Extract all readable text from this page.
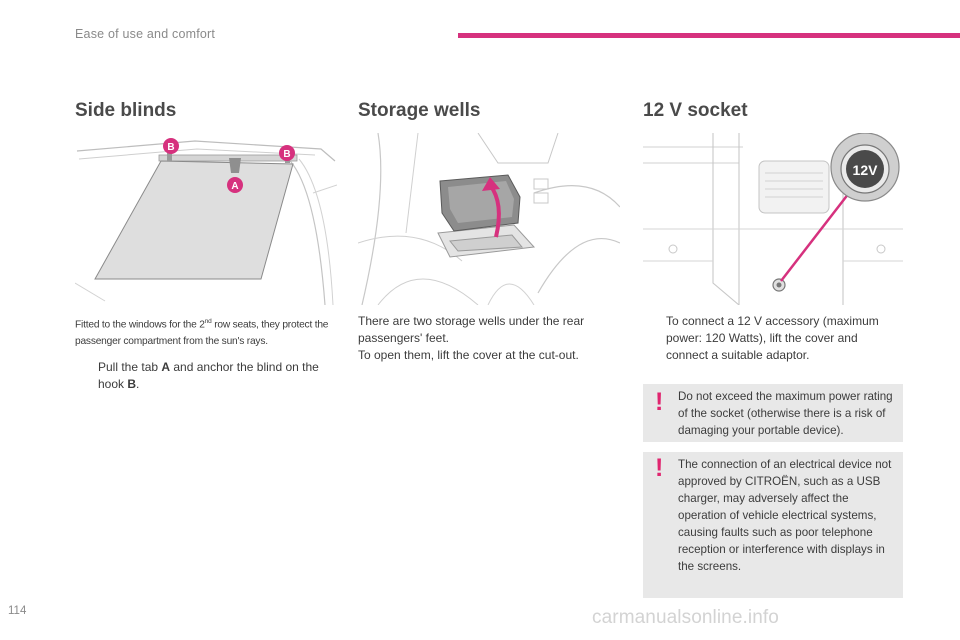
Ease of use and comfort
Side blinds
B
B
A
Fitted to the windows for the 2nd row seats, they protect the passenger compartment from the sun's rays.
Pull the tab A and anchor the blind on the hook B.
Storage wells
There are two storage wells under the rear passengers' feet.
To open them, lift the cover at the cut-out.
12 V socket
12V
To connect a 12 V accessory (maximum power: 120 Watts), lift the cover and connect a suitable adaptor.
! Do not exceed the maximum power rating of the socket (otherwise there is a risk of damaging your portable device).
! The connection of an electrical device not approved by CITROËN, such as a USB charger, may adversely affect the operation of vehicle electrical systems, causing faults such as poor telephone reception or interference with displays in the screens.
114	carmanualsonline.info
